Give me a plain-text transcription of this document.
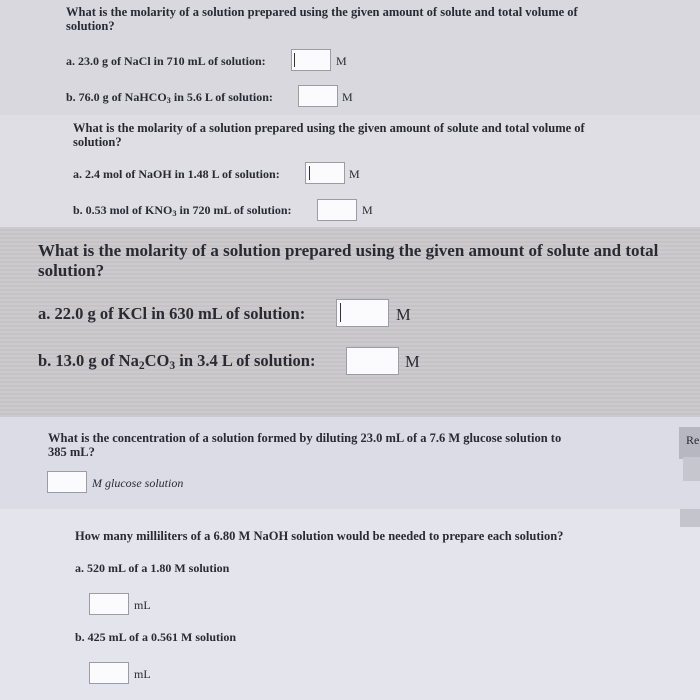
What is the molarity of a solution prepared using the given amount of solute and total volume of
solution?
a. 23.0 g of NaCl in 710 mL of solution:	M
b. 76.0 g of NaHCO$_3$ in 5.6 L of solution:	M
What is the molarity of a solution prepared using the given amount of solute and total volume of
solution?
a. 2.4 mol of NaOH in 1.48 L of solution:	M
b. 0.53 mol of $KNO_3$ in 720 mL of solution:	M
What is the molarity of a solution prepared using the given amount of solute and total
solution?
a. 22.0 g of KCl in 630 mL of solution:	M
b. 13.0 g of $Na_2CO_3$ in 3.4 L of solution:	M
What is the concentration of a solution formed by diluting 23.0 mL of a 7.6 M glucose solution to
385 mL?
M glucose solution
Re
How many milliliters of a 6.80 M NaOH solution would be needed to prepare each solution?
a. 520 mL of a 1.80 M solution
mL
b. 425 mL of a 0.561 M solution
mL
